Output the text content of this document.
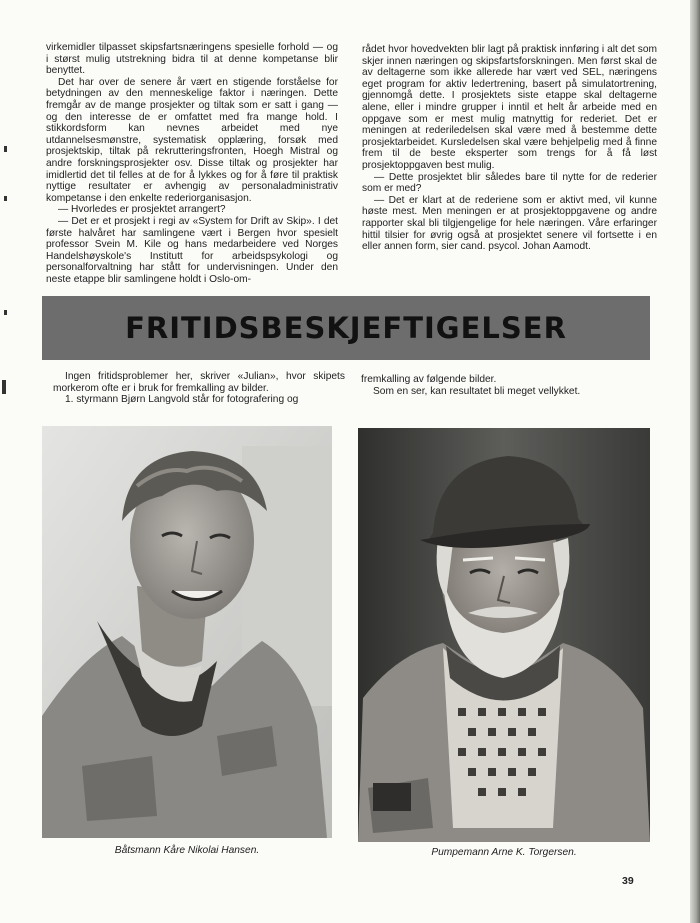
virkemidler tilpasset skipsfartsnæringens spesielle forhold — og i størst mulig utstrekning bidra til at denne kompetanse blir benyttet.

Det har over de senere år vært en stigende forståelse for betydningen av den menneskelige faktor i næringen. Dette fremgår av de mange prosjekter og tiltak som er satt i gang — og den interesse de er omfattet med fra mange hold. I stikkordsform kan nevnes arbeidet med nye utdannelsesmønstre, systematisk opplæring, forsøk med prosjektskip, tiltak på rekrutteringsfronten, Hoegh Mistral og andre forskningsprosjekter osv. Disse tiltak og prosjekter har imidlertid det til felles at de for å lykkes og for å føre til praktisk nyttige resultater er avhengig av personaladministrativ kompetanse i den enkelte rederiorganisasjon.

— Hvorledes er prosjektet arrangert?

— Det er et prosjekt i regi av «System for Drift av Skip». I det første halvåret har samlingene vært i Bergen hvor spesielt professor Svein M. Kile og hans medarbeidere ved Norges Handelshøyskole's Institutt for arbeidspsykologi og personalforvaltning har stått for undervisningen. Under den neste etappe blir samlingene holdt i Oslo-om-

rådet hvor hovedvekten blir lagt på praktisk innføring i alt det som skjer innen næringen og skipsfartsforskningen. Men først skal de av deltagerne som ikke allerede har vært ved SEL, næringens eget program for aktiv ledertrening, basert på simulatortrening, gjennomgå dette. I prosjektets siste etappe skal deltagerne alene, eller i mindre grupper i inntil et helt år arbeide med en oppgave som er mest mulig matnyttig for rederiet. Det er meningen at rederiledelsen skal være med å bestemme dette prosjektarbeidet. Kursledelsen skal være behjelpelig med å finne frem til de beste eksperter som trengs for å få løst prosjektoppgaven best mulig.

— Dette prosjektet blir således bare til nytte for de rederier som er med?

— Det er klart at de rederiene som er aktivt med, vil kunne høste mest. Men meningen er at prosjektoppgavene og andre rapporter skal bli tilgjengelige for hele næringen. Våre erfaringer hittil tilsier for øvrig også at prosjektet senere vil fortsette i en eller annen form, sier cand. psycol. Johan Aamodt.

FRITIDSBESKJEFTIGELSER

Ingen fritidsproblemer her, skriver «Julian», hvor skipets morkerom ofte er i bruk for fremkalling av bilder.

1. styrmann Bjørn Langvold står for fotografering og

fremkalling av følgende bilder.

Som en ser, kan resultatet bli meget vellykket.

Båtsmann Kåre Nikolai Hansen.	Pumpemann Arne K. Torgersen.
39
